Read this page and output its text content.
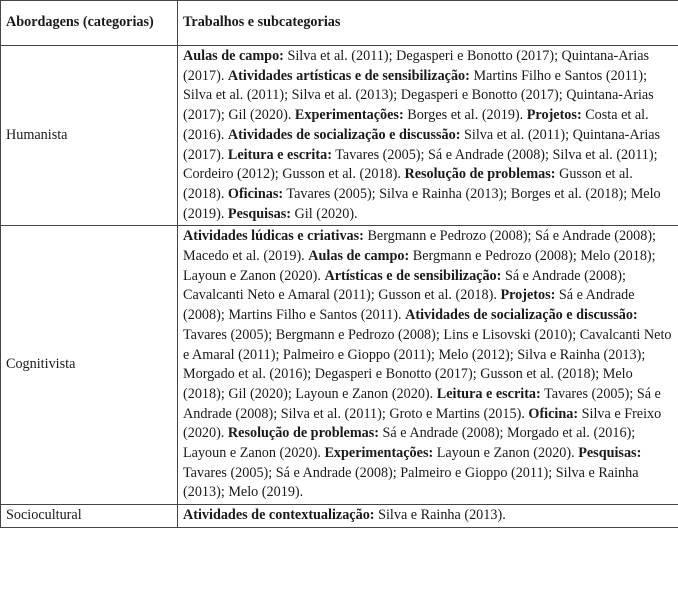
Abordagens (categorias)	Trabalhos e subcategorias
Humanista	Aulas de campo: Silva et al. (2011); Degasperi e Bonotto (2017); Quintana-Arias (2017). Atividades artísticas e de sensibilização: Martins Filho e Santos (2011); Silva et al. (2011); Silva et al. (2013); Degasperi e Bonotto (2017); Quintana-Arias (2017); Gil (2020). Experimentações: Borges et al. (2019). Projetos: Costa et al. (2016). Atividades de socialização e discussão: Silva et al. (2011); Quintana-Arias (2017). Leitura e escrita: Tavares (2005); Sá e Andrade (2008); Silva et al. (2011); Cordeiro (2012); Gusson et al. (2018). Resolução de problemas: Gusson et al. (2018). Oficinas: Tavares (2005); Silva e Rainha (2013); Borges et al. (2018); Melo (2019). Pesquisas: Gil (2020).
Cognitivista	Atividades lúdicas e criativas: Bergmann e Pedrozo (2008); Sá e Andrade (2008); Macedo et al. (2019). Aulas de campo: Bergmann e Pedrozo (2008); Melo (2018); Layoun e Zanon (2020). Artísticas e de sensibilização: Sá e Andrade (2008); Cavalcanti Neto e Amaral (2011); Gusson et al. (2018). Projetos: Sá e Andrade (2008); Martins Filho e Santos (2011). Atividades de socialização e discussão: Tavares (2005); Bergmann e Pedrozo (2008); Lins e Lisovski (2010); Cavalcanti Neto e Amaral (2011); Palmeiro e Gioppo (2011); Melo (2012); Silva e Rainha (2013); Morgado et al. (2016); Degasperi e Bonotto (2017); Gusson et al. (2018); Melo (2018); Gil (2020); Layoun e Zanon (2020). Leitura e escrita: Tavares (2005); Sá e Andrade (2008); Silva et al. (2011); Groto e Martins (2015). Oficina: Silva e Freixo (2020). Resolução de problemas: Sá e Andrade (2008); Morgado et al. (2016); Layoun e Zanon (2020). Experimentações: Layoun e Zanon (2020). Pesquisas: Tavares (2005); Sá e Andrade (2008); Palmeiro e Gioppo (2011); Silva e Rainha (2013); Melo (2019).
Sociocultural	Atividades de contextualização: Silva e Rainha (2013).
